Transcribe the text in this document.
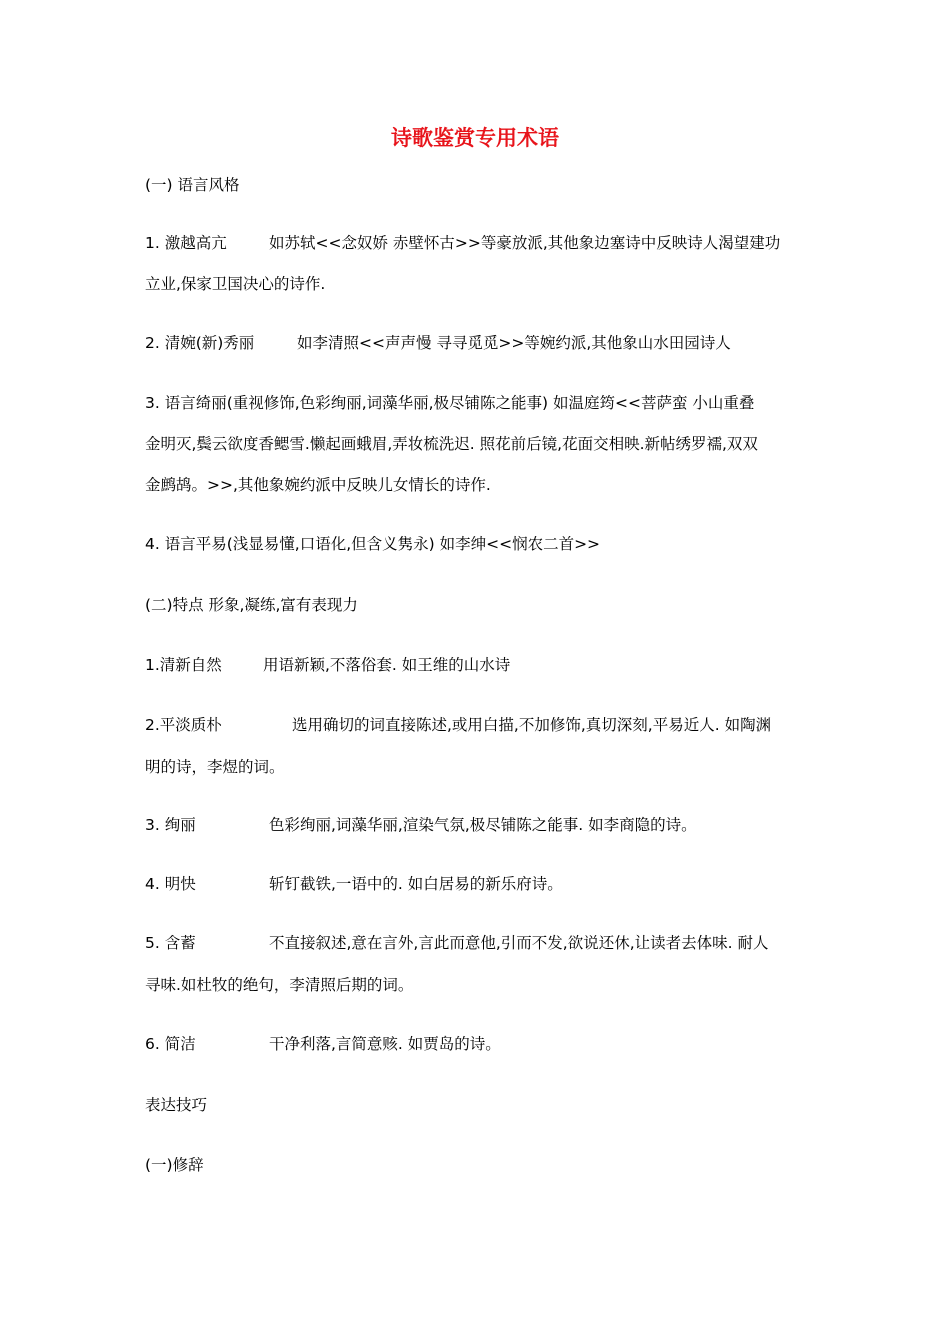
诗歌鉴赏专用术语
(一) 语言风格
1. 激越高亢	如苏轼<<念奴娇 赤壁怀古>>等豪放派,其他象边塞诗中反映诗人渴望建功
立业,保家卫国决心的诗作.
2. 清婉(新)秀丽	如李清照<<声声慢 寻寻觅觅>>等婉约派,其他象山水田园诗人
3. 语言绮丽(重视修饰,色彩绚丽,词藻华丽,极尽铺陈之能事) 如温庭筠<<菩萨蛮 小山重叠
金明灭,鬓云欲度香鳃雪.懒起画蛾眉,弄妆梳洗迟. 照花前后镜,花面交相映.新帖绣罗襦,双双
金鹧鸪。>>,其他象婉约派中反映儿女情长的诗作.
4. 语言平易(浅显易懂,口语化,但含义隽永) 如李绅<<悯农二首>>
(二)特点 形象,凝练,富有表现力
1.清新自然	用语新颖,不落俗套. 如王维的山水诗
2.平淡质朴	选用确切的词直接陈述,或用白描,不加修饰,真切深刻,平易近人. 如陶渊
明的诗，李煜的词。
3. 绚丽	色彩绚丽,词藻华丽,渲染气氛,极尽铺陈之能事. 如李商隐的诗。
4. 明快	斩钉截铁,一语中的. 如白居易的新乐府诗。
5. 含蓄	不直接叙述,意在言外,言此而意他,引而不发,欲说还休,让读者去体味. 耐人
寻味.如杜牧的绝句，李清照后期的词。
6. 简洁	干净利落,言简意赅. 如贾岛的诗。
表达技巧
(一)修辞
